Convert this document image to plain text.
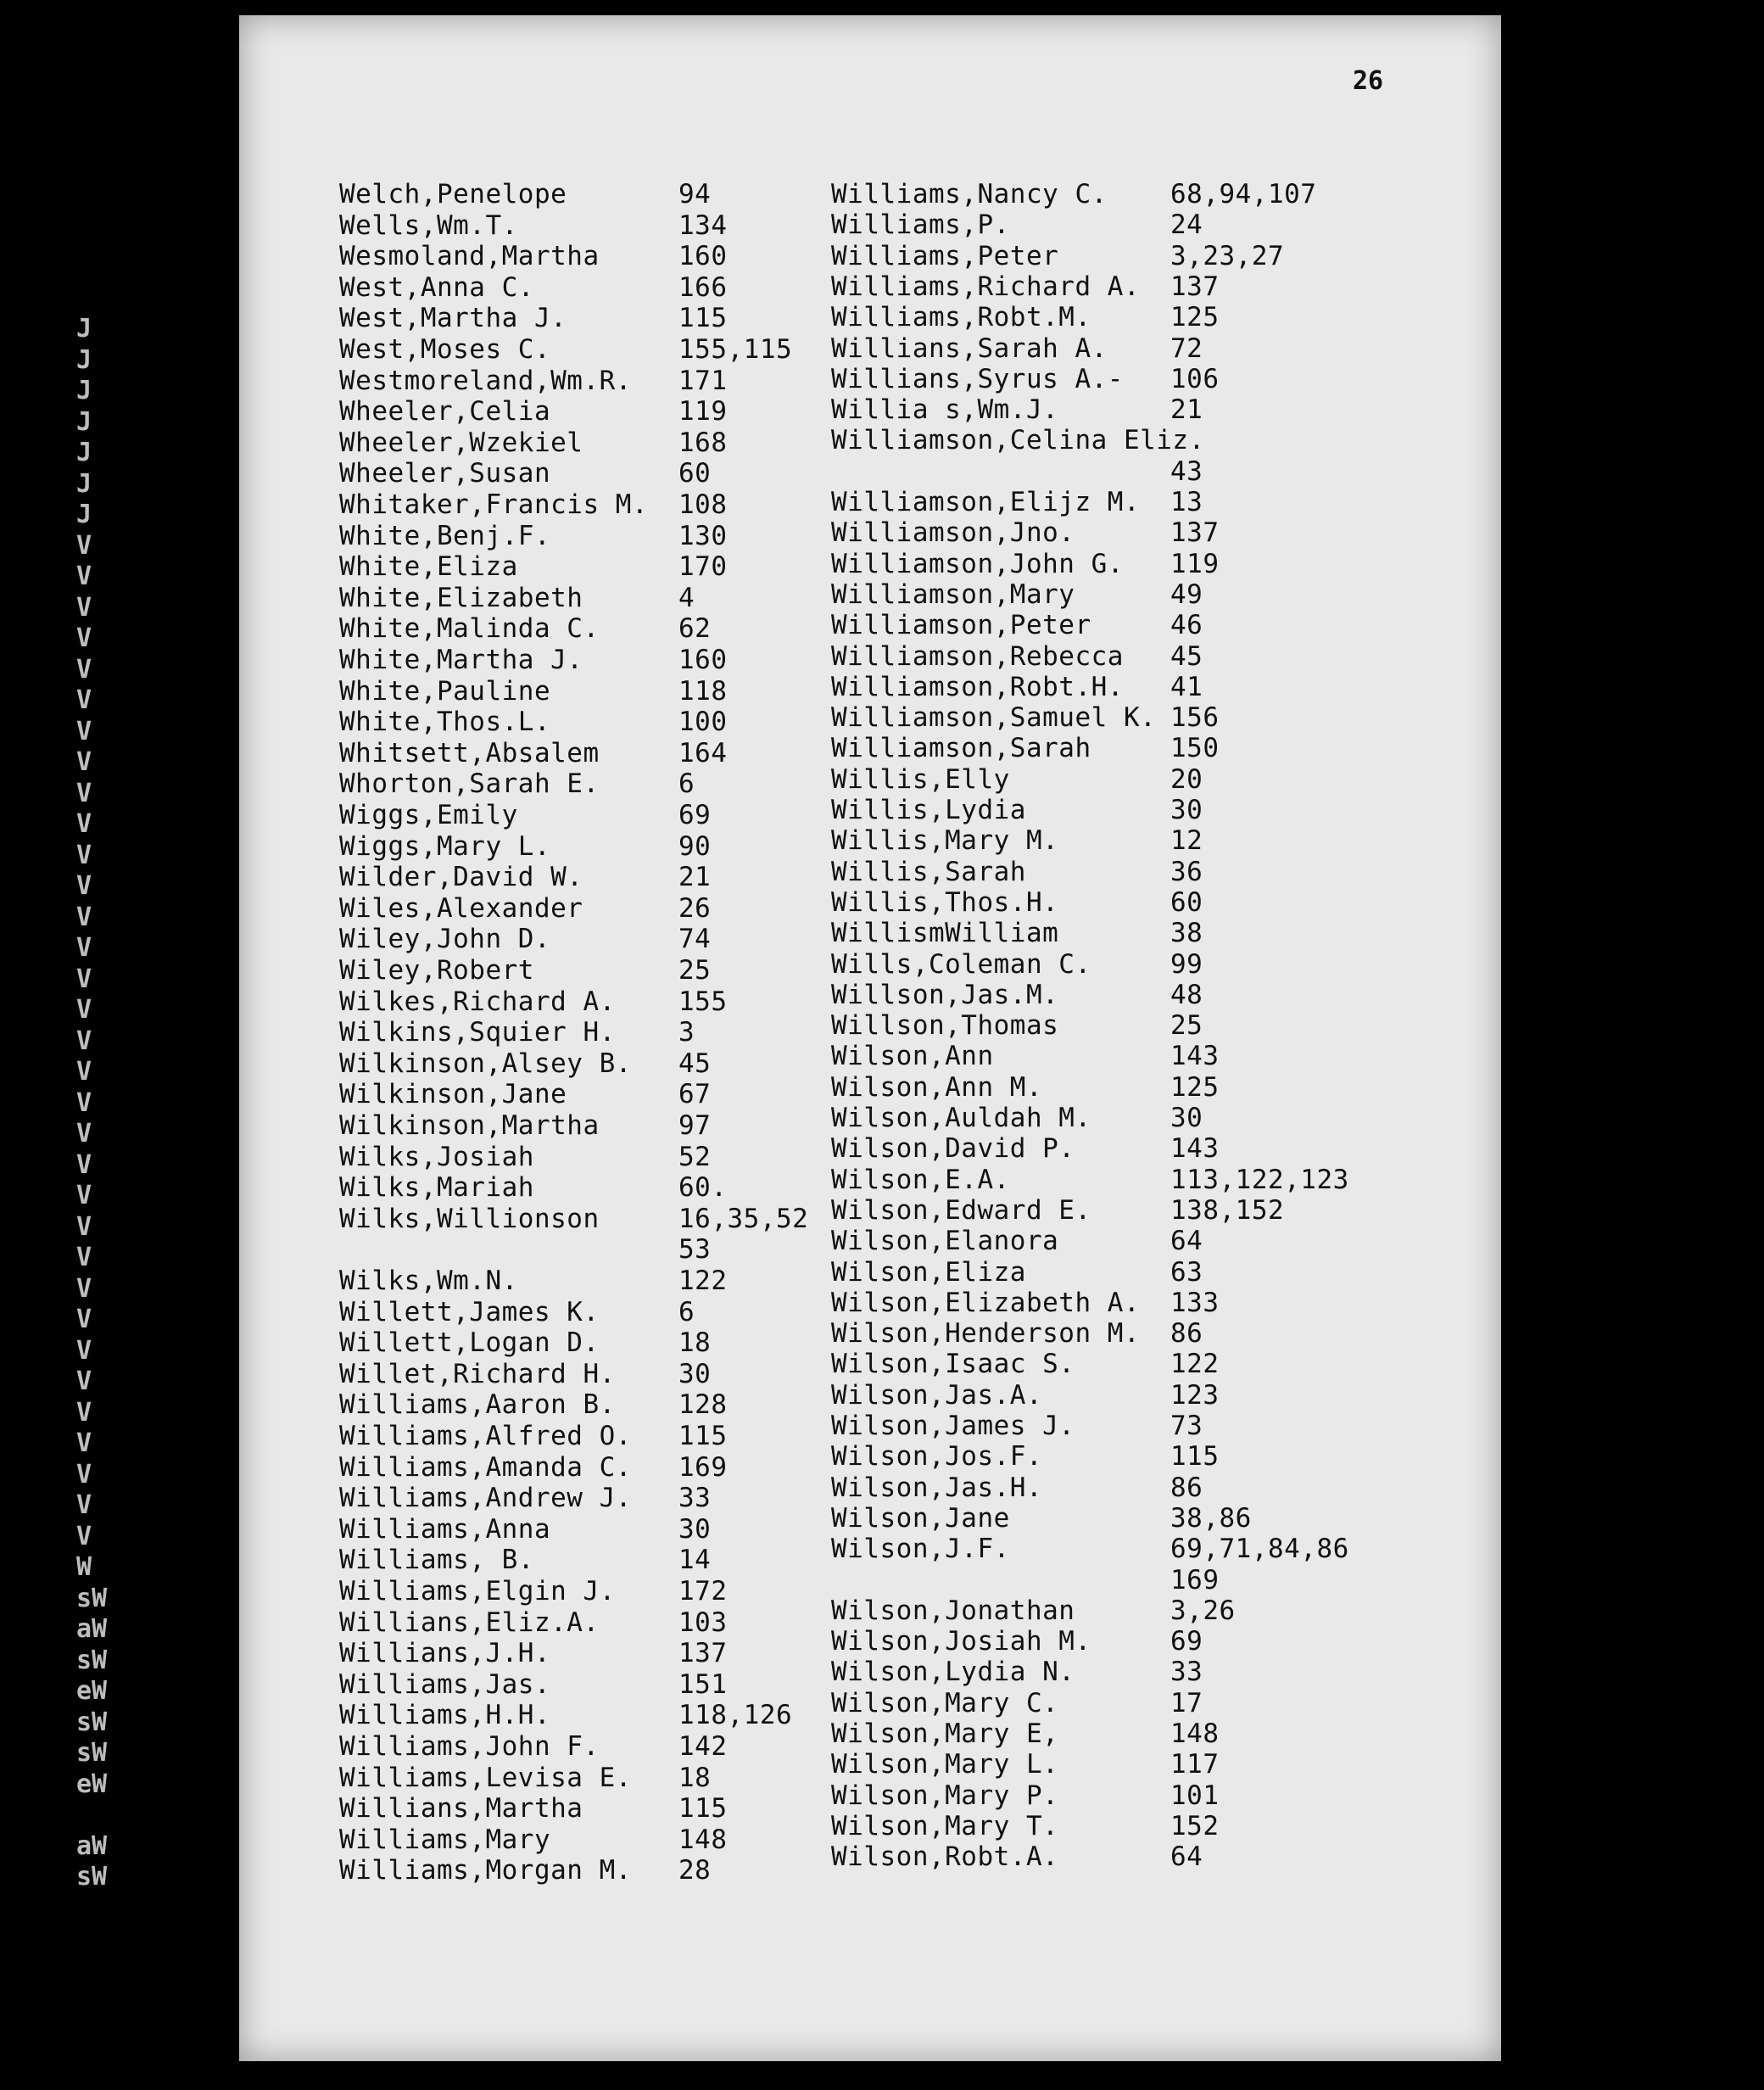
J
J
J
J
J
J
J
V
V
V
V
V
V
V
V
V
V
V
V
V
V
V
V
V
V
V
V
V
V
V
V
V
V
V
V
V
V
V
V
V
W
sW
aW
sW
eW
sW
sW
eW
aW
sW
26
Welch,Penelope	94
Wells,Wm.T.	134
Wesmoland,Martha	160
West,Anna C.	166
West,Martha J.	115
West,Moses C.	155,115
Westmoreland,Wm.R. 171
Wheeler,Celia	119
Wheeler,Wzekiel	168
Wheeler,Susan	60
Whitaker,Francis M. 108
White,Benj.F.	130
White,Eliza	170
White,Elizabeth	4
White,Malinda C.	62
White,Martha J.	160
White,Pauline	118
White,Thos.L.	100
Whitsett,Absalem	164
Whorton,Sarah E.	6
Wiggs,Emily	69
Wiggs,Mary L.	90
Wilder,David W.	21
Wiles,Alexander	26
Wiley,John D.	74
Wiley,Robert	25
Wilkes,Richard A. 155
Wilkins,Squier H. 3
Wilkinson,Alsey B. 45
Wilkinson,Jane	67
Wilkinson,Martha	97
Wilks,Josiah	52
Wilks,Mariah	60.
Wilks,Willionson	16,35,52
53
Wilks,Wm.N.	122
Willett,James K.	6
Willett,Logan D.	18
Willet,Richard H. 30
Williams,Aaron B. 128
Williams,Alfred O. 115
Williams,Amanda C. 169
Williams,Andrew J. 33
Williams,Anna	30
Williams, B.	14
Williams,Elgin J. 172
Willians,Eliz.A.	103
Willians,J.H.	137
Williams,Jas.	151
Williams,H.H.	118,126
Williams,John F.	142
Williams,Levisa E. 18
Willians,Martha	115
Williams,Mary	148
Williams,Morgan M. 28
Williams,Nancy C. 68,94,107
Williams,P.	24
Williams,Peter	3,23,27
Williams,Richard A. 137
Williams,Robt.M.	125
Willians,Sarah A. 72
Willians,Syrus A.- 106
Willia s,Wm.J.	21
Williamson,Celina Eliz.
43
Williamson,Elijz M. 13
Williamson,Jno.	137
Williamson,John G. 119
Williamson,Mary	49
Williamson,Peter	46
Williamson,Rebecca 45
Williamson,Robt.H. 41
Williamson,Samuel K. 156
Williamson,Sarah	150
Willis,Elly	20
Willis,Lydia	30
Willis,Mary M.	12
Willis,Sarah	36
Willis,Thos.H.	60
WillismWilliam	38
Wills,Coleman C.	99
Willson,Jas.M.	48
Willson,Thomas	25
Wilson,Ann	143
Wilson,Ann M.	125
Wilson,Auldah M.	30
Wilson,David P.	143
Wilson,E.A.	113,122,123
Wilson,Edward E.	138,152
Wilson,Elanora	64
Wilson,Eliza	63
Wilson,Elizabeth A. 133
Wilson,Henderson M. 86
Wilson,Isaac S.	122
Wilson,Jas.A.	123
Wilson,James J.	73
Wilson,Jos.F.	115
Wilson,Jas.H.	86
Wilson,Jane	38,86
Wilson,J.F.	69,71,84,86
169
Wilson,Jonathan	3,26
Wilson,Josiah M.	69
Wilson,Lydia N.	33
Wilson,Mary C.	17
Wilson,Mary E,	148
Wilson,Mary L.	117
Wilson,Mary P.	101
Wilson,Mary T.	152
Wilson,Robt.A.	64
